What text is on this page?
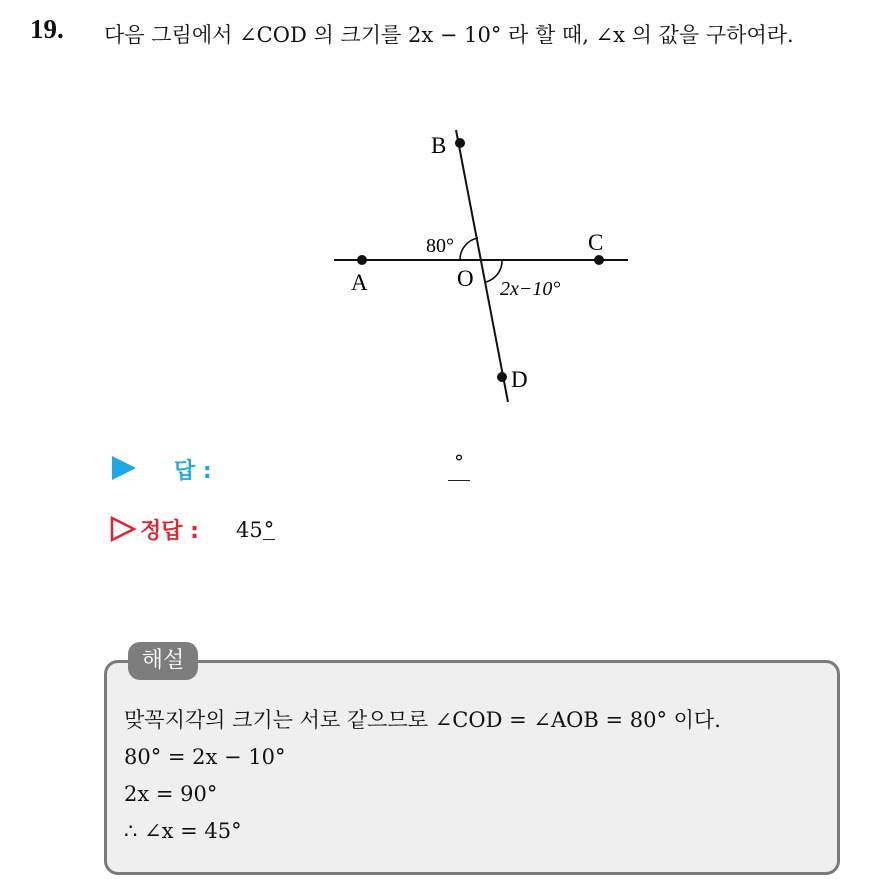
19. 다음 그림에서 ∠COD 의 크기를 2x − 10° 라 할 때, ∠x 의 값을 구하여라.
B
C
A	O
D
80°
2x−10°
답 :	°
정답 : 45°
해설
맞꼭지각의 크기는 서로 같으므로 ∠COD = ∠AOB = 80° 이다.
80° = 2x − 10°
2x = 90°
∴ ∠x = 45°
